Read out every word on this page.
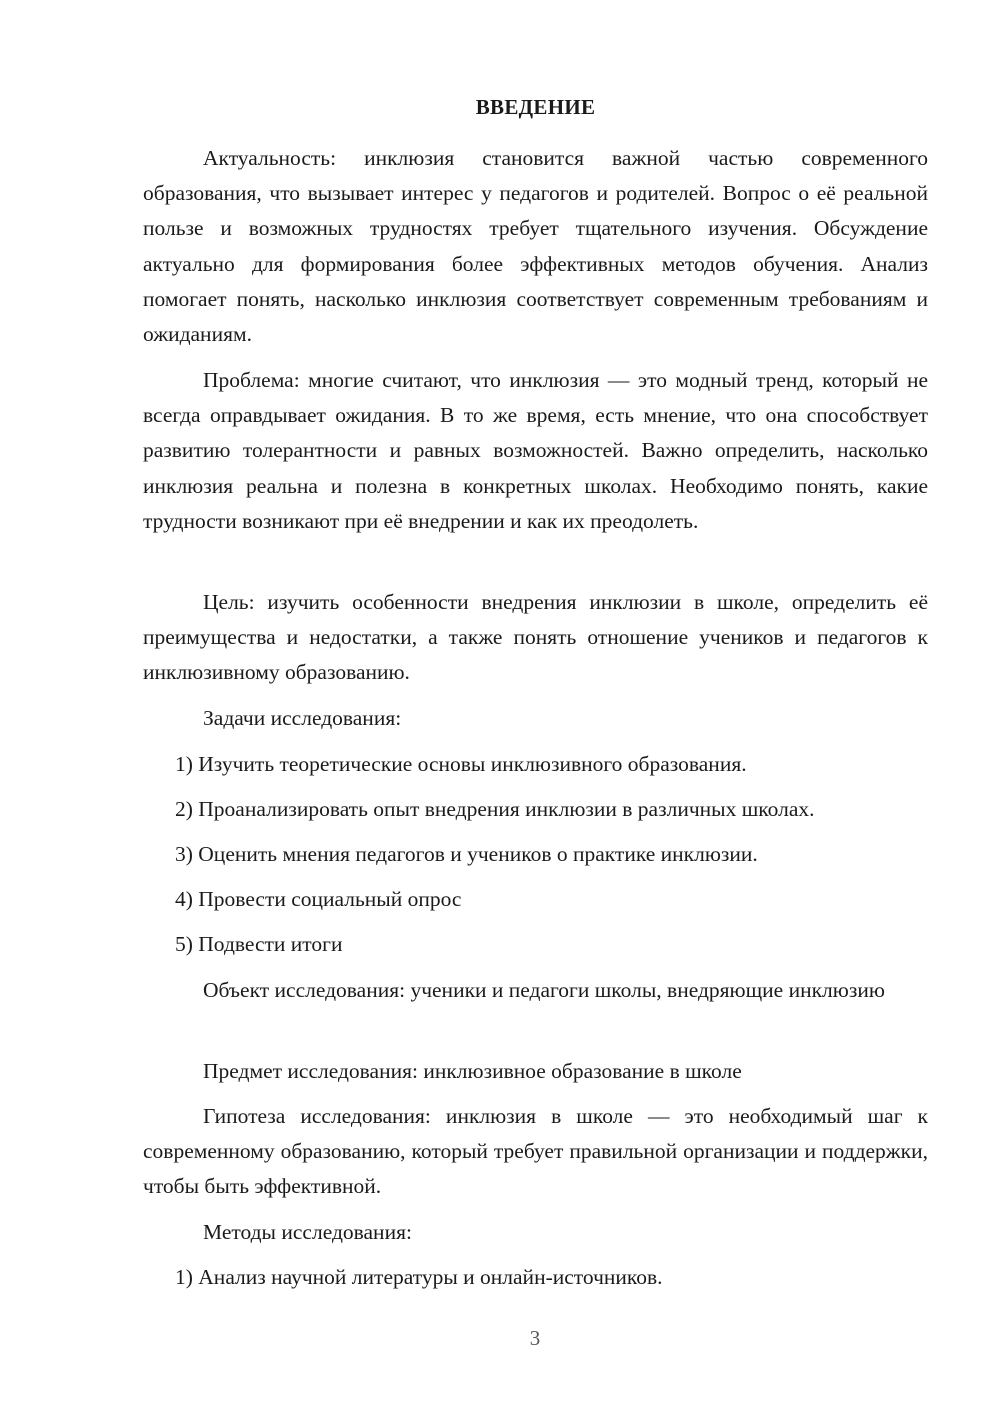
ВВЕДЕНИЕ

Актуальность: инклюзия становится важной частью современного образования, что вызывает интерес у педагогов и родителей. Вопрос о её реальной пользе и возможных трудностях требует тщательного изучения. Обсуждение актуально для формирования более эффективных методов обучения. Анализ помогает понять, насколько инклюзия соответствует современным требованиям и ожиданиям.

Проблема: многие считают, что инклюзия — это модный тренд, который не всегда оправдывает ожидания. В то же время, есть мнение, что она способствует развитию толерантности и равных возможностей. Важно определить, насколько инклюзия реальна и полезна в конкретных школах. Необходимо понять, какие трудности возникают при её внедрении и как их преодолеть.

Цель: изучить особенности внедрения инклюзии в школе, определить её преимущества и недостатки, а также понять отношение учеников и педагогов к инклюзивному образованию.

Задачи исследования:

1) Изучить теоретические основы инклюзивного образования.

2) Проанализировать опыт внедрения инклюзии в различных школах.

3) Оценить мнения педагогов и учеников о практике инклюзии.

4) Провести социальный опрос

5) Подвести итоги

Объект исследования: ученики и педагоги школы, внедряющие инклюзию

Предмет исследования: инклюзивное образование в школе

Гипотеза исследования: инклюзия в школе — это необходимый шаг к современному образованию, который требует правильной организации и поддержки, чтобы быть эффективной.

Методы исследования:

1) Анализ научной литературы и онлайн-источников.

3
